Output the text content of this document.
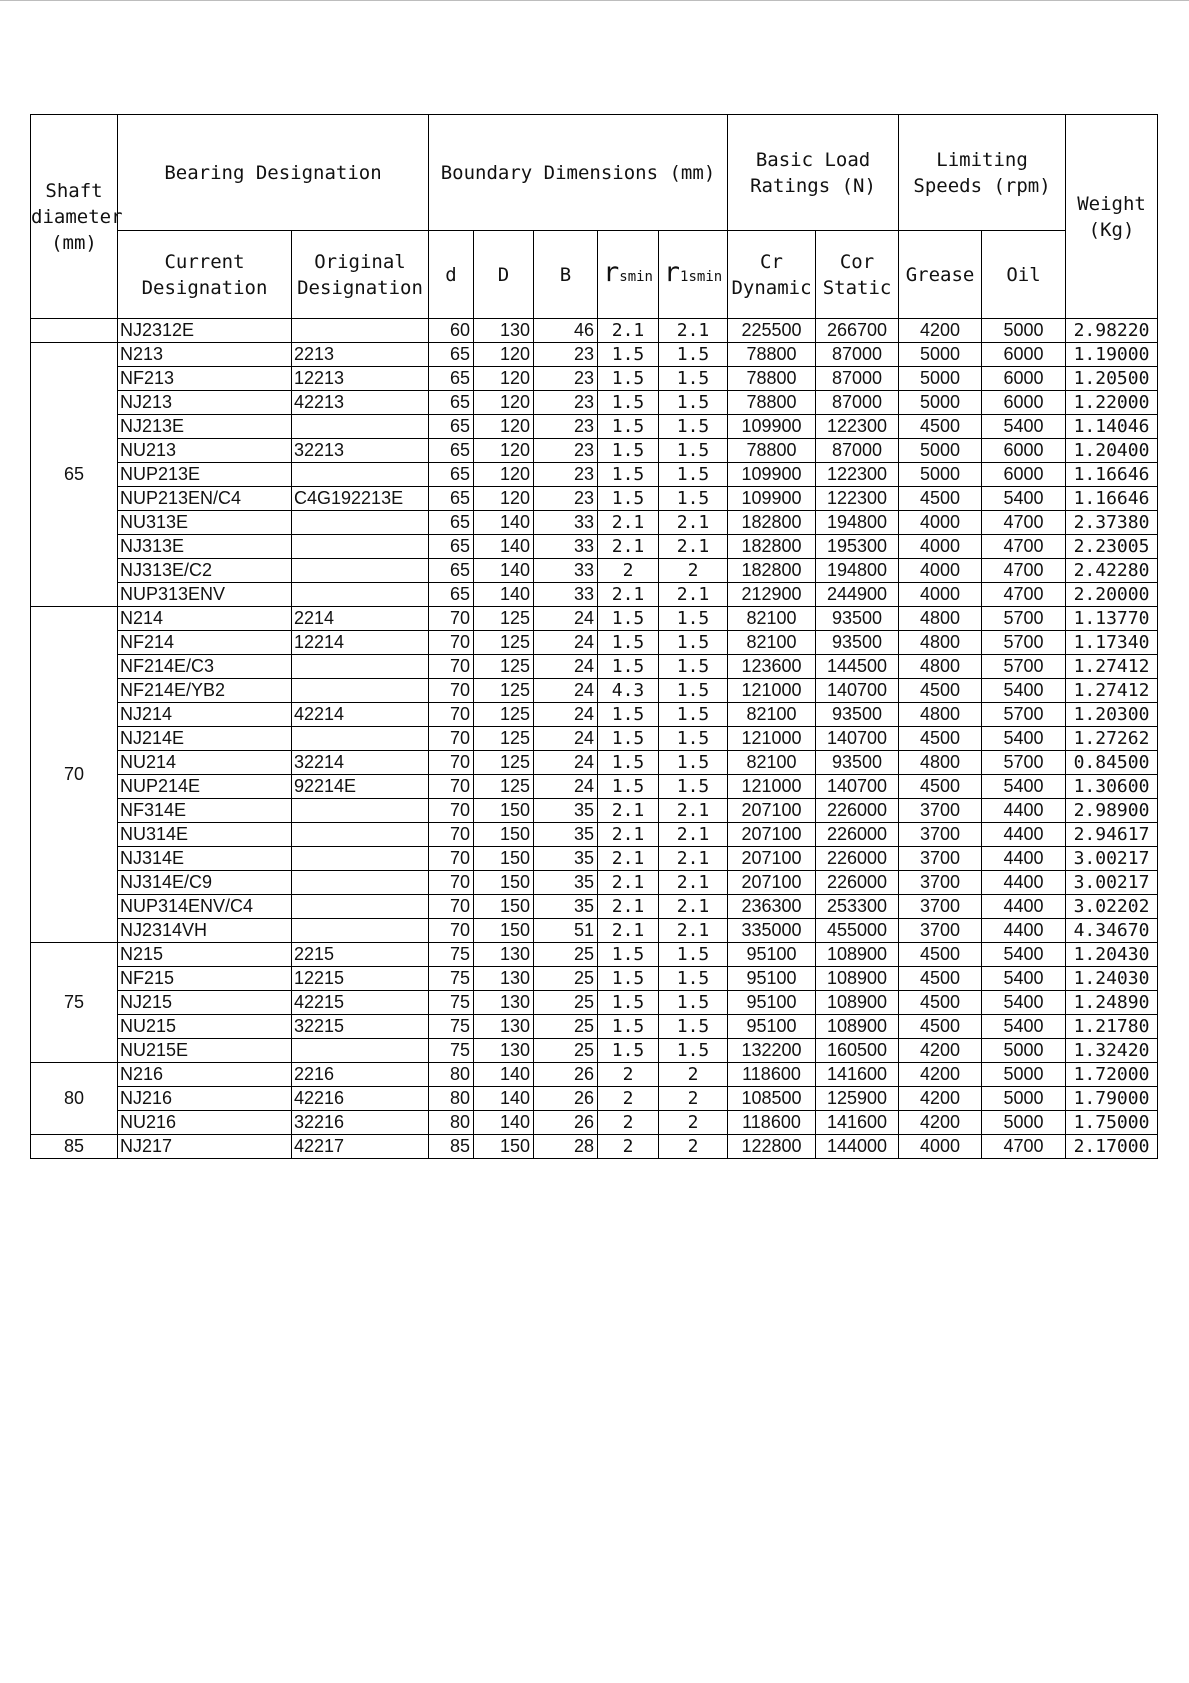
Shaft diameter (mm)	Bearing Designation		Boundary Dimensions (mm)					Basic Load Ratings (N)		Limiting Speeds (rpm)		Weight (Kg)
	Current Designation	Original Designation	d	D	B	rsmin	r1smin	Cr Dynamic	Cor Static	Grease	Oil	
	NJ2312E		60	130	46	2.1	2.1	225500	266700	4200	5000	2.98220
65	N213	2213	65	120	23	1.5	1.5	78800	87000	5000	6000	1.19000
	NF213	12213	65	120	23	1.5	1.5	78800	87000	5000	6000	1.20500
	NJ213	42213	65	120	23	1.5	1.5	78800	87000	5000	6000	1.22000
	NJ213E		65	120	23	1.5	1.5	109900	122300	4500	5400	1.14046
	NU213	32213	65	120	23	1.5	1.5	78800	87000	5000	6000	1.20400
	NUP213E		65	120	23	1.5	1.5	109900	122300	5000	6000	1.16646
	NUP213EN/C4	C4G192213E	65	120	23	1.5	1.5	109900	122300	4500	5400	1.16646
	NU313E		65	140	33	2.1	2.1	182800	194800	4000	4700	2.37380
	NJ313E		65	140	33	2.1	2.1	182800	195300	4000	4700	2.23005
	NJ313E/C2		65	140	33	2	2	182800	194800	4000	4700	2.42280
	NUP313ENV		65	140	33	2.1	2.1	212900	244900	4000	4700	2.20000
70	N214	2214	70	125	24	1.5	1.5	82100	93500	4800	5700	1.13770
	NF214	12214	70	125	24	1.5	1.5	82100	93500	4800	5700	1.17340
	NF214E/C3		70	125	24	1.5	1.5	123600	144500	4800	5700	1.27412
	NF214E/YB2		70	125	24	4.3	1.5	121000	140700	4500	5400	1.27412
	NJ214	42214	70	125	24	1.5	1.5	82100	93500	4800	5700	1.20300
	NJ214E		70	125	24	1.5	1.5	121000	140700	4500	5400	1.27262
	NU214	32214	70	125	24	1.5	1.5	82100	93500	4800	5700	0.84500
	NUP214E	92214E	70	125	24	1.5	1.5	121000	140700	4500	5400	1.30600
	NF314E		70	150	35	2.1	2.1	207100	226000	3700	4400	2.98900
	NU314E		70	150	35	2.1	2.1	207100	226000	3700	4400	2.94617
	NJ314E		70	150	35	2.1	2.1	207100	226000	3700	4400	3.00217
	NJ314E/C9		70	150	35	2.1	2.1	207100	226000	3700	4400	3.00217
	NUP314ENV/C4		70	150	35	2.1	2.1	236300	253300	3700	4400	3.02202
	NJ2314VH		70	150	51	2.1	2.1	335000	455000	3700	4400	4.34670
75	N215	2215	75	130	25	1.5	1.5	95100	108900	4500	5400	1.20430
	NF215	12215	75	130	25	1.5	1.5	95100	108900	4500	5400	1.24030
	NJ215	42215	75	130	25	1.5	1.5	95100	108900	4500	5400	1.24890
	NU215	32215	75	130	25	1.5	1.5	95100	108900	4500	5400	1.21780
	NU215E		75	130	25	1.5	1.5	132200	160500	4200	5000	1.32420
80	N216	2216	80	140	26	2	2	118600	141600	4200	5000	1.72000
	NJ216	42216	80	140	26	2	2	108500	125900	4200	5000	1.79000
	NU216	32216	80	140	26	2	2	118600	141600	4200	5000	1.75000
85	NJ217	42217	85	150	28	2	2	122800	144000	4000	4700	2.17000
